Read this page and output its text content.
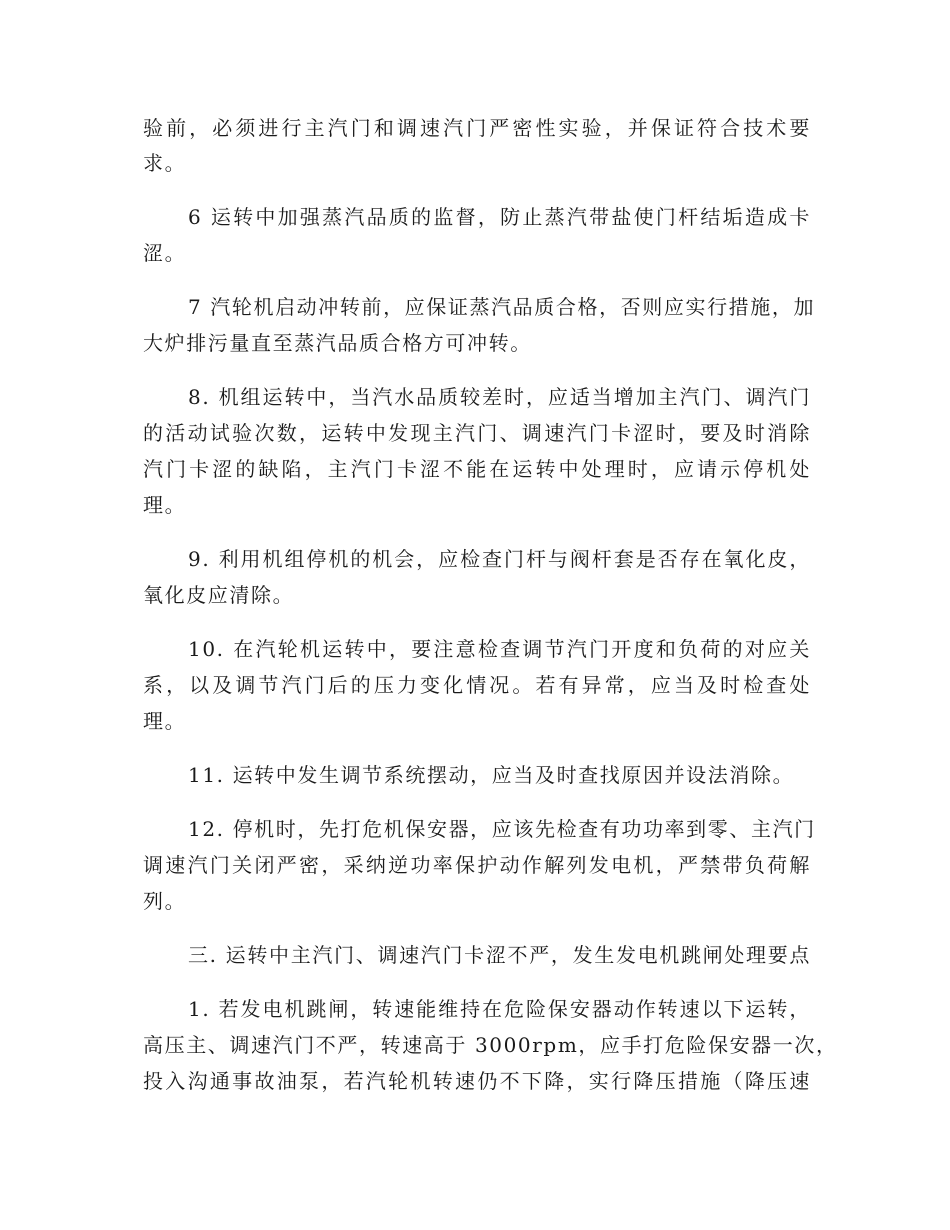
验前，必须进行主汽门和调速汽门严密性实验，并保证符合技术要
求。
6 运转中加强蒸汽品质的监督，防止蒸汽带盐使门杆结垢造成卡
涩。
7 汽轮机启动冲转前，应保证蒸汽品质合格，否则应实行措施，加
大炉排污量直至蒸汽品质合格方可冲转。
8. 机组运转中，当汽水品质较差时，应适当增加主汽门、调汽门
的活动试验次数，运转中发现主汽门、调速汽门卡涩时，要及时消除
汽门卡涩的缺陷，主汽门卡涩不能在运转中处理时，应请示停机处
理。
9. 利用机组停机的机会，应检查门杆与阀杆套是否存在氧化皮，
氧化皮应清除。
10. 在汽轮机运转中，要注意检查调节汽门开度和负荷的对应关
系，以及调节汽门后的压力变化情况。若有异常，应当及时检查处
理。
11. 运转中发生调节系统摆动，应当及时查找原因并设法消除。
12. 停机时，先打危机保安器，应该先检查有功功率到零、主汽门
调速汽门关闭严密，采纳逆功率保护动作解列发电机，严禁带负荷解
列。
三. 运转中主汽门、调速汽门卡涩不严，发生发电机跳闸处理要点
1. 若发电机跳闸，转速能维持在危险保安器动作转速以下运转，
高压主、调速汽门不严，转速高于 3000rpm，应手打危险保安器一次，
投入沟通事故油泵，若汽轮机转速仍不下降，实行降压措施（降压速
